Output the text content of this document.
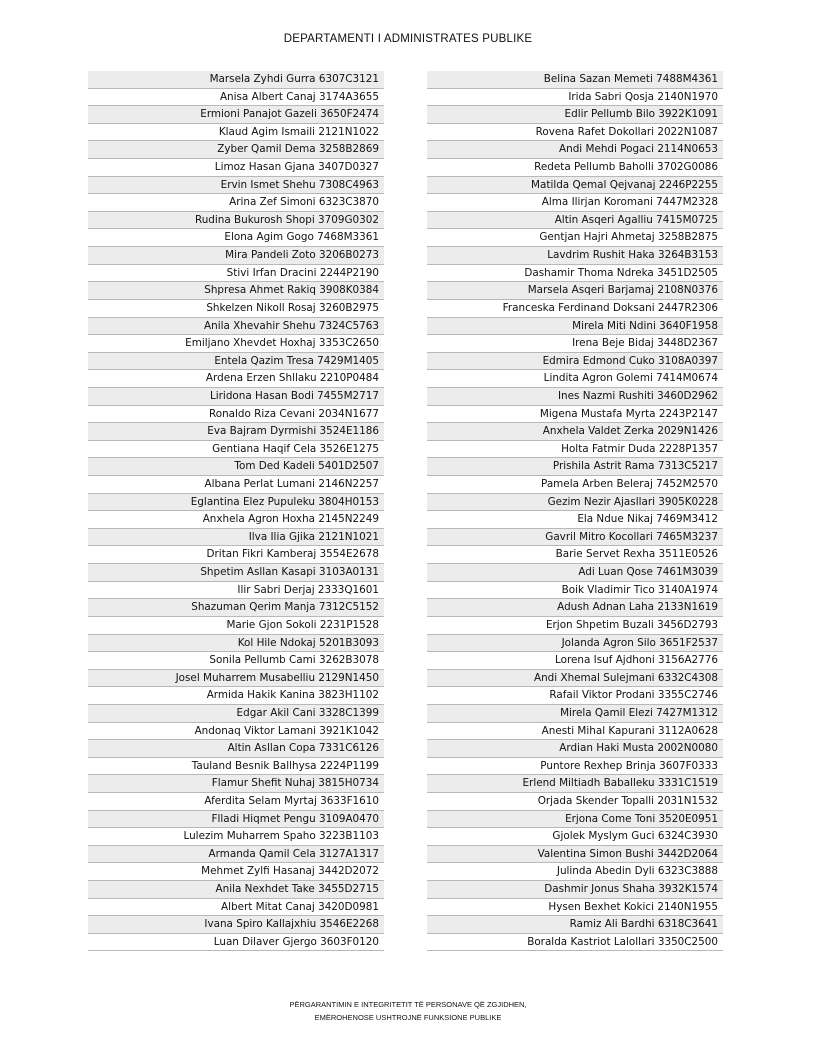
DEPARTAMENTI I ADMINISTRATES PUBLIKE
Marsela Zyhdi Gurra 6307C3121
Anisa Albert Canaj 3174A3655
Ermioni Panajot Gazeli 3650F2474
Klaud Agim Ismaili 2121N1022
Zyber Qamil Dema 3258B2869
Limoz Hasan Gjana 3407D0327
Ervin Ismet Shehu 7308C4963
Arina Zef Simoni 6323C3870
Rudina Bukurosh Shopi 3709G0302
Elona Agim Gogo 7468M3361
Mira Pandeli Zoto 3206B0273
Stivi Irfan Dracini 2244P2190
Shpresa Ahmet Rakiq 3908K0384
Shkelzen Nikoll Rosaj 3260B2975
Anila Xhevahir Shehu 7324C5763
Emiljano Xhevdet Hoxhaj 3353C2650
Entela Qazim Tresa 7429M1405
Ardena Erzen Shllaku 2210P0484
Liridona Hasan Bodi 7455M2717
Ronaldo Riza Cevani 2034N1677
Eva Bajram Dyrmishi 3524E1186
Gentiana Haqif Cela 3526E1275
Tom Ded Kadeli 5401D2507
Albana Perlat Lumani 2146N2257
Eglantina Elez Pupuleku 3804H0153
Anxhela Agron Hoxha 2145N2249
Ilva Ilia Gjika 2121N1021
Dritan Fikri Kamberaj 3554E2678
Shpetim Asllan Kasapi 3103A0131
Ilir Sabri Derjaj 2333Q1601
Shazuman Qerim Manja 7312C5152
Marie Gjon Sokoli 2231P1528
Kol Hile Ndokaj 5201B3093
Sonila Pellumb Cami 3262B3078
Josel Muharrem Musabelliu 2129N1450
Armida Hakik Kanina 3823H1102
Edgar Akil Cani 3328C1399
Andonaq Viktor Lamani 3921K1042
Altin Asllan Copa 7331C6126
Tauland Besnik Ballhysa 2224P1199
Flamur Shefit Nuhaj 3815H0734
Aferdita Selam Myrtaj 3633F1610
Flladi Hiqmet Pengu 3109A0470
Lulezim Muharrem Spaho 3223B1103
Armanda Qamil Cela 3127A1317
Mehmet Zylfi Hasanaj 3442D2072
Anila Nexhdet Take 3455D2715
Albert Mitat Canaj 3420D0981
Ivana Spiro Kallajxhiu 3546E2268
Luan Dilaver Gjergo 3603F0120
Belina Sazan Memeti 7488M4361
Irida Sabri Qosja 2140N1970
Edlir Pellumb Bilo 3922K1091
Rovena Rafet Dokollari 2022N1087
Andi Mehdi Pogaci 2114N0653
Redeta Pellumb Baholli 3702G0086
Matilda Qemal Qejvanaj 2246P2255
Alma Ilirjan Koromani 7447M2328
Altin Asqeri Agalliu 7415M0725
Gentjan Hajri Ahmetaj 3258B2875
Lavdrim Rushit Haka 3264B3153
Dashamir Thoma Ndreka 3451D2505
Marsela Asqeri Barjamaj 2108N0376
Franceska Ferdinand Doksani 2447R2306
Mirela Miti Ndini 3640F1958
Irena Beje Bidaj 3448D2367
Edmira Edmond Cuko 3108A0397
Lindita Agron Golemi 7414M0674
Ines Nazmi Rushiti 3460D2962
Migena Mustafa Myrta 2243P2147
Anxhela Valdet Zerka 2029N1426
Holta Fatmir Duda 2228P1357
Prishila Astrit Rama 7313C5217
Pamela Arben Beleraj 7452M2570
Gezim Nezir Ajasllari 3905K0228
Ela Ndue Nikaj 7469M3412
Gavril Mitro Kocollari 7465M3237
Barie Servet Rexha 3511E0526
Adi Luan Qose 7461M3039
Boik Vladimir Tico 3140A1974
Adush Adnan Laha 2133N1619
Erjon Shpetim Buzali 3456D2793
Jolanda Agron Silo 3651F2537
Lorena Isuf Ajdhoni 3156A2776
Andi Xhemal Sulejmani 6332C4308
Rafail Viktor Prodani 3355C2746
Mirela Qamil Elezi 7427M1312
Anesti Mihal Kapurani 3112A0628
Ardian Haki Musta 2002N0080
Puntore Rexhep Brinja 3607F0333
Erlend Miltiadh Baballeku 3331C1519
Orjada Skender Topalli 2031N1532
Erjona Come Toni 3520E0951
Gjolek Myslym Guci 6324C3930
Valentina Simon Bushi 3442D2064
Julinda Abedin Dyli 6323C3888
Dashmir Jonus Shaha 3932K1574
Hysen Bexhet Kokici 2140N1955
Ramiz Ali Bardhi 6318C3641
Boralda Kastriot Lalollari 3350C2500
PËRGARANTIMIN E INTEGRITETIT TË PERSONAVE QË ZGJIDHEN,
EMËROHENOSE USHTROJNË FUNKSIONE PUBLIKE
